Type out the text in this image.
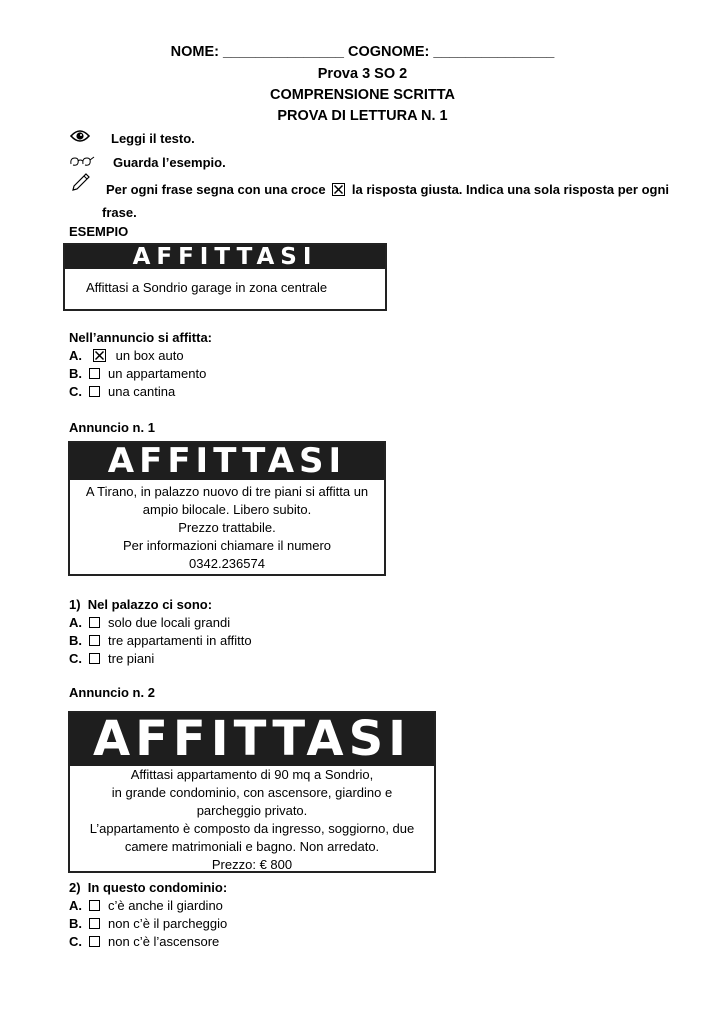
NOME: _______________ COGNOME: _______________
Prova 3 SO 2
COMPRENSIONE SCRITTA
PROVA DI LETTURA N. 1
Leggi il testo.
Guarda l’esempio.
Per ogni frase segna con una croce la risposta giusta. Indica una sola risposta per ogni
frase.
ESEMPIO
AFFITTASI
Affittasi a Sondrio garage in zona centrale
Nell’annuncio si affitta:
A.	un box auto
B. un appartamento
C. una cantina
Annuncio n. 1
AFFITTASI
A Tirano, in palazzo nuovo di tre piani si affitta un
ampio bilocale. Libero subito.
Prezzo trattabile.
Per informazioni chiamare il numero
0342.236574
1) Nel palazzo ci sono:
A. solo due locali grandi
B. tre appartamenti in affitto
C. tre piani
Annuncio n. 2
AFFITTASI
Affittasi appartamento di 90 mq a Sondrio,
in grande condominio, con ascensore, giardino e
parcheggio privato.
L’appartamento è composto da ingresso, soggiorno, due
camere matrimoniali e bagno. Non arredato.
Prezzo: € 800
2) In questo condominio:
A. c’è anche il giardino
B. non c’è il parcheggio
C. non c’è l’ascensore
